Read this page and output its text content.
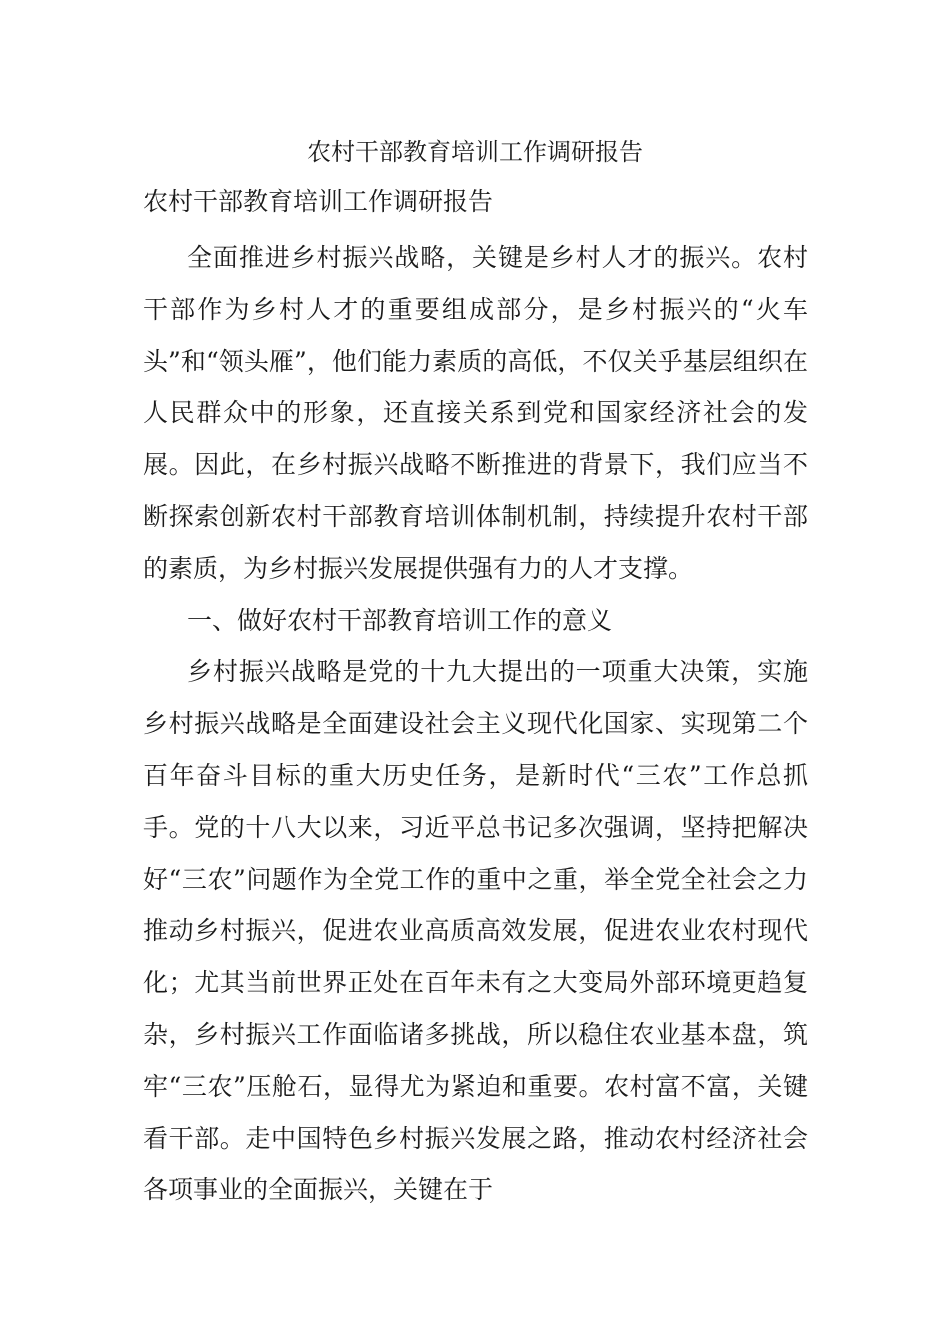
农村干部教育培训工作调研报告
农村干部教育培训工作调研报告

全面推进乡村振兴战略，关键是乡村人才的振兴。农村干部作为乡村人才的重要组成部分，是乡村振兴的“火车头”和“领头雁”，他们能力素质的高低，不仅关乎基层组织在人民群众中的形象，还直接关系到党和国家经济社会的发展。因此，在乡村振兴战略不断推进的背景下，我们应当不断探索创新农村干部教育培训体制机制，持续提升农村干部的素质，为乡村振兴发展提供强有力的人才支撑。

一、做好农村干部教育培训工作的意义

乡村振兴战略是党的十九大提出的一项重大决策，实施乡村振兴战略是全面建设社会主义现代化国家、实现第二个百年奋斗目标的重大历史任务，是新时代“三农”工作总抓手。党的十八大以来，习近平总书记多次强调，坚持把解决好“三农”问题作为全党工作的重中之重，举全党全社会之力推动乡村振兴，促进农业高质高效发展，促进农业农村现代化；尤其当前世界正处在百年未有之大变局外部环境更趋复杂，乡村振兴工作面临诸多挑战，所以稳住农业基本盘，筑牢“三农”压舱石，显得尤为紧迫和重要。农村富不富，关键看干部。走中国特色乡村振兴发展之路，推动农村经济社会各项事业的全面振兴，关键在于
